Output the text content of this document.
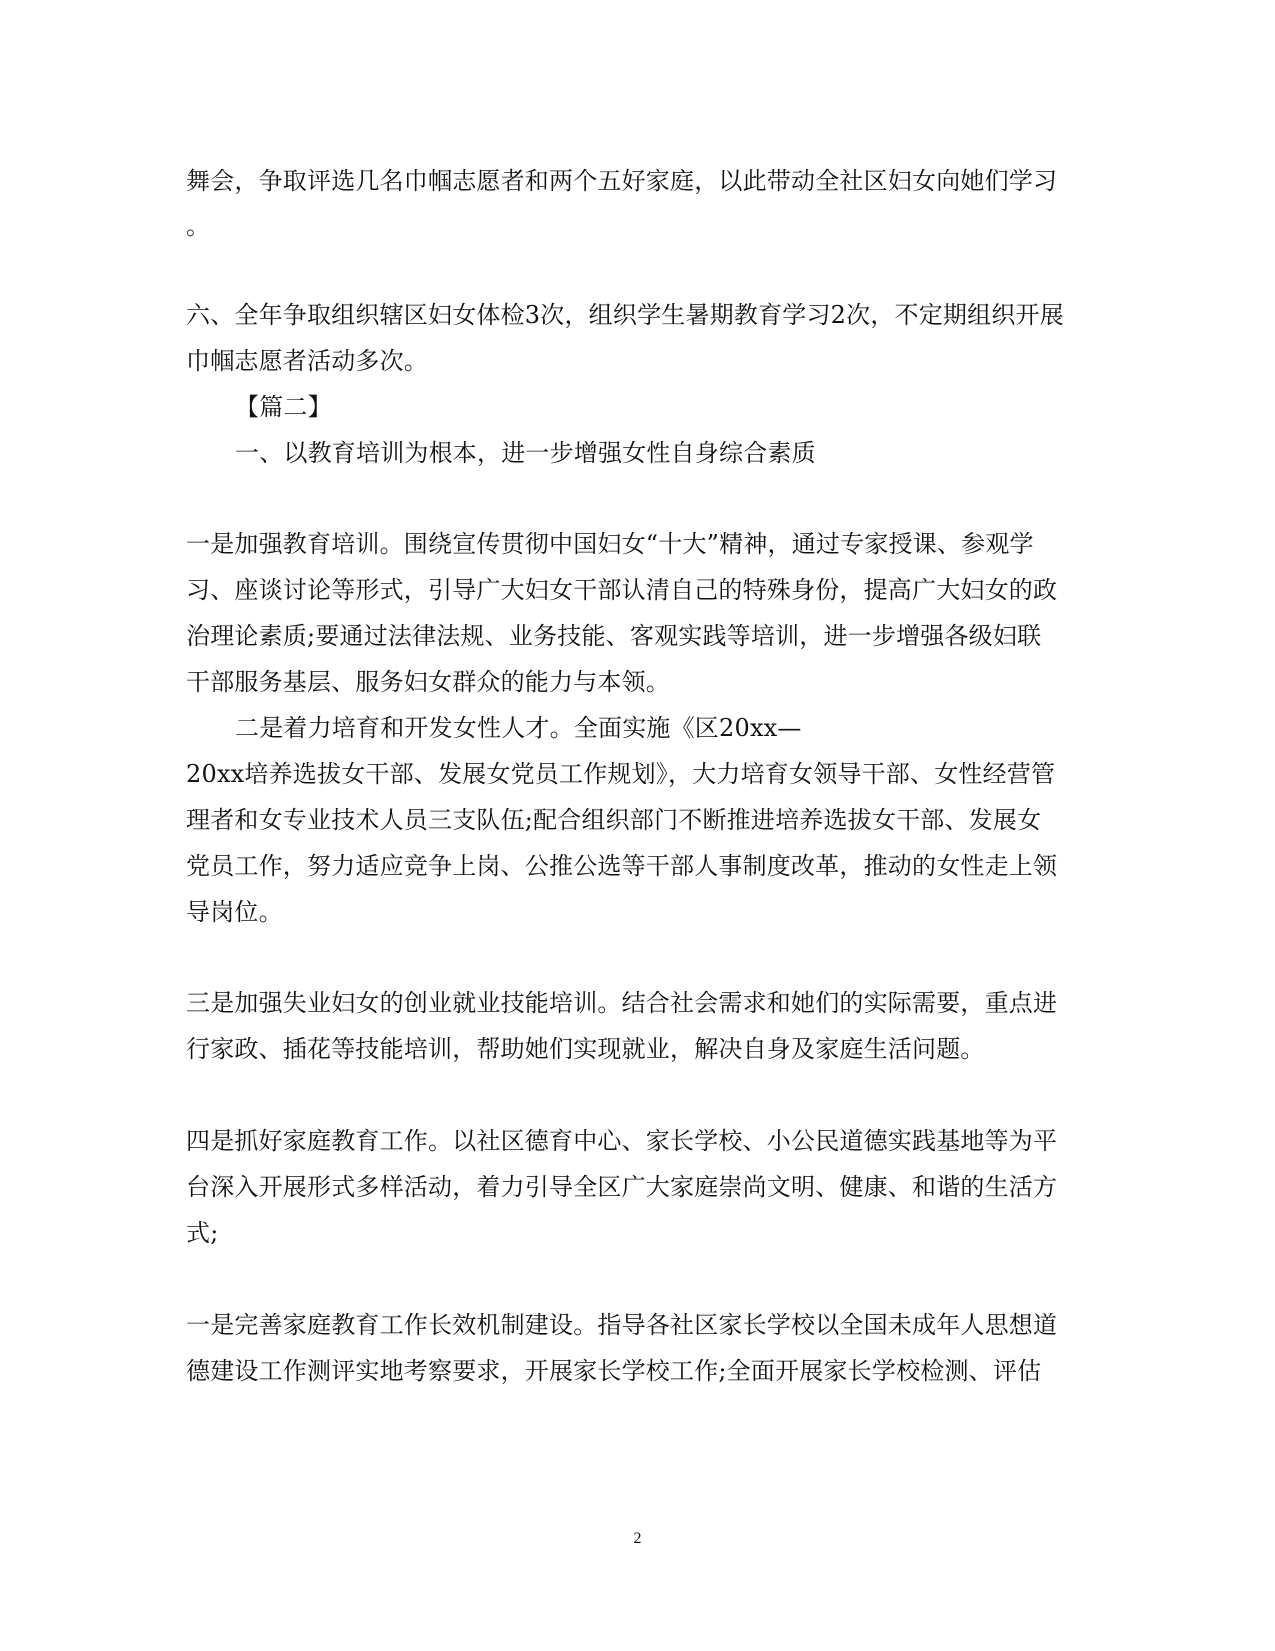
舞会，争取评选几名巾帼志愿者和两个五好家庭，以此带动全社区妇女向她们学习
。
六、全年争取组织辖区妇女体检3次，组织学生暑期教育学习2次，不定期组织开展
巾帼志愿者活动多次。
【篇二】
一、以教育培训为根本，进一步增强女性自身综合素质
一是加强教育培训。围绕宣传贯彻中国妇女“十大”精神，通过专家授课、参观学
习、座谈讨论等形式，引导广大妇女干部认清自己的特殊身份，提高广大妇女的政
治理论素质;要通过法律法规、业务技能、客观实践等培训，进一步增强各级妇联
干部服务基层、服务妇女群众的能力与本领。
二是着力培育和开发女性人才。全面实施《区20xx—
20xx培养选拔女干部、发展女党员工作规划》，大力培育女领导干部、女性经营管
理者和女专业技术人员三支队伍;配合组织部门不断推进培养选拔女干部、发展女
党员工作，努力适应竞争上岗、公推公选等干部人事制度改革，推动的女性走上领
导岗位。
三是加强失业妇女的创业就业技能培训。结合社会需求和她们的实际需要，重点进
行家政、插花等技能培训，帮助她们实现就业，解决自身及家庭生活问题。
四是抓好家庭教育工作。以社区德育中心、家长学校、小公民道德实践基地等为平
台深入开展形式多样活动，着力引导全区广大家庭崇尚文明、健康、和谐的生活方
式;
一是完善家庭教育工作长效机制建设。指导各社区家长学校以全国未成年人思想道
德建设工作测评实地考察要求，开展家长学校工作;全面开展家长学校检测、评估
2
